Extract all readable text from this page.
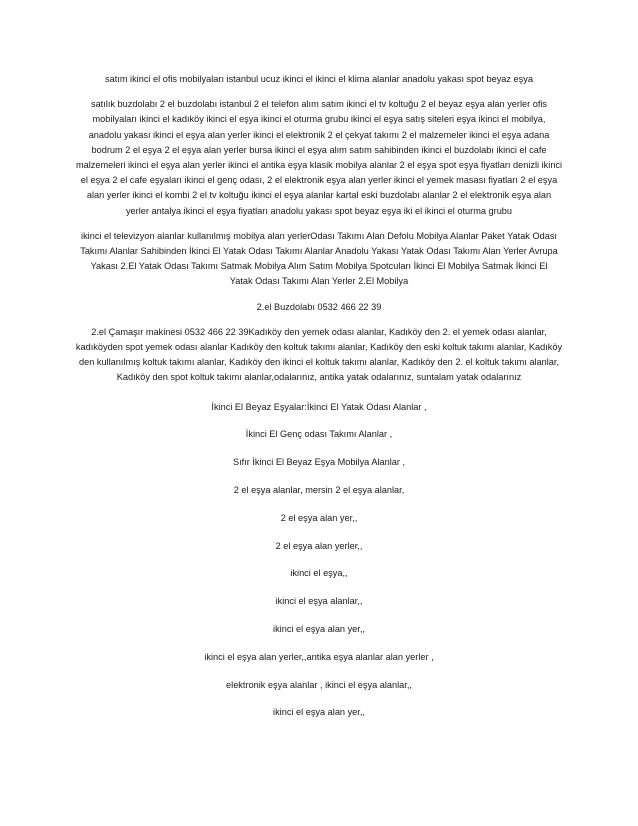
satım ikinci el ofis mobilyaları istanbul ucuz ikinci el ikinci el klima alanlar anadolu yakası spot beyaz eşya

satılık buzdolabı 2 el buzdolabı istanbul 2 el telefon alım satım ikinci el tv koltuğu 2 el beyaz eşya alan yerler ofis mobilyaları ikinci el kadıköy ikinci el eşya ikinci el oturma grubu ikinci el eşya satış siteleri eşya ikinci el mobilya, anadolu yakası ikinci el eşya alan yerler ikinci el elektronik 2 el çekyat takımı 2 el malzemeler ikinci el eşya adana bodrum 2 el eşya 2 el eşya alan yerler bursa ikinci el eşya alım satım sahibinden ikinci el buzdolabı ikinci el cafe malzemeleri ikinci el eşya alan yerler ikinci el antika eşya klasik mobilya alanlar 2 el eşya spot eşya fiyatları denizli ikinci el eşya 2 el cafe eşyaları ikinci el genç odası, 2 el elektronik eşya alan yerler ikinci el yemek masası fiyatları 2 el eşya alan yerler ikinci el kombi 2 el tv koltuğu ikinci el eşya alanlar kartal eski buzdolabı alanlar 2 el elektronik eşya alan yerler antalya ikinci el eşya fiyatları anadolu yakası spot beyaz eşya iki el ikinci el oturma grubu

ikinci el televizyon alanlar kullanılmış mobilya alan yerlerOdası Takımı Alan Defolu Mobilya Alanlar Paket Yatak Odası Takımı Alanlar Sahibinden İkinci El Yatak Odası Takımı Alanlar Anadolu Yakası Yatak Odası Takımı Alan Yerler Avrupa Yakası 2.El Yatak Odası Takımı Satmak Mobilya Alım Satım Mobilya Spotcuları İkinci El Mobilya Satmak İkinci El Yatak Odası Takımı Alan Yerler 2.El Mobilya

2.el Buzdolabı 0532 466 22 39

2.el Çamaşır makinesi 0532 466 22 39Kadıköy den yemek odası alanlar, Kadıköy den 2. el yemek odası alanlar, kadıköyden spot yemek odası alanlar Kadıköy den koltuk takımı alanlar, Kadıköy den eski koltuk takımı alanlar, Kadıköy den kullanılmış koltuk takımı alanlar, Kadıköy den ikinci el koltuk takımı alanlar, Kadıköy den 2. el koltuk takımı alanlar, Kadıköy den spot koltuk takımı alanlar,odalarınız, antika yatak odalarınız, suntalam yatak odalarınız

İkinci El Beyaz Eşyalar:İkinci El Yatak Odası Alanlar ,
İkinci El Genç odası Takımı Alanlar ,
Sıfır İkinci El Beyaz Eşya Mobilya Alanlar ,
2 el eşya alanlar, mersin 2 el eşya alanlar,
2 el eşya alan yer,,
2 el eşya alan yerler,,
ikinci el eşya,,
ikinci el eşya alanlar,,
ikinci el eşya alan yer,,
ikinci el eşya alan yerler,,antika eşya alanlar alan yerler ,
elektronik eşya alanlar , ikinci el eşya alanlar,,
ikinci el eşya alan yer,,
